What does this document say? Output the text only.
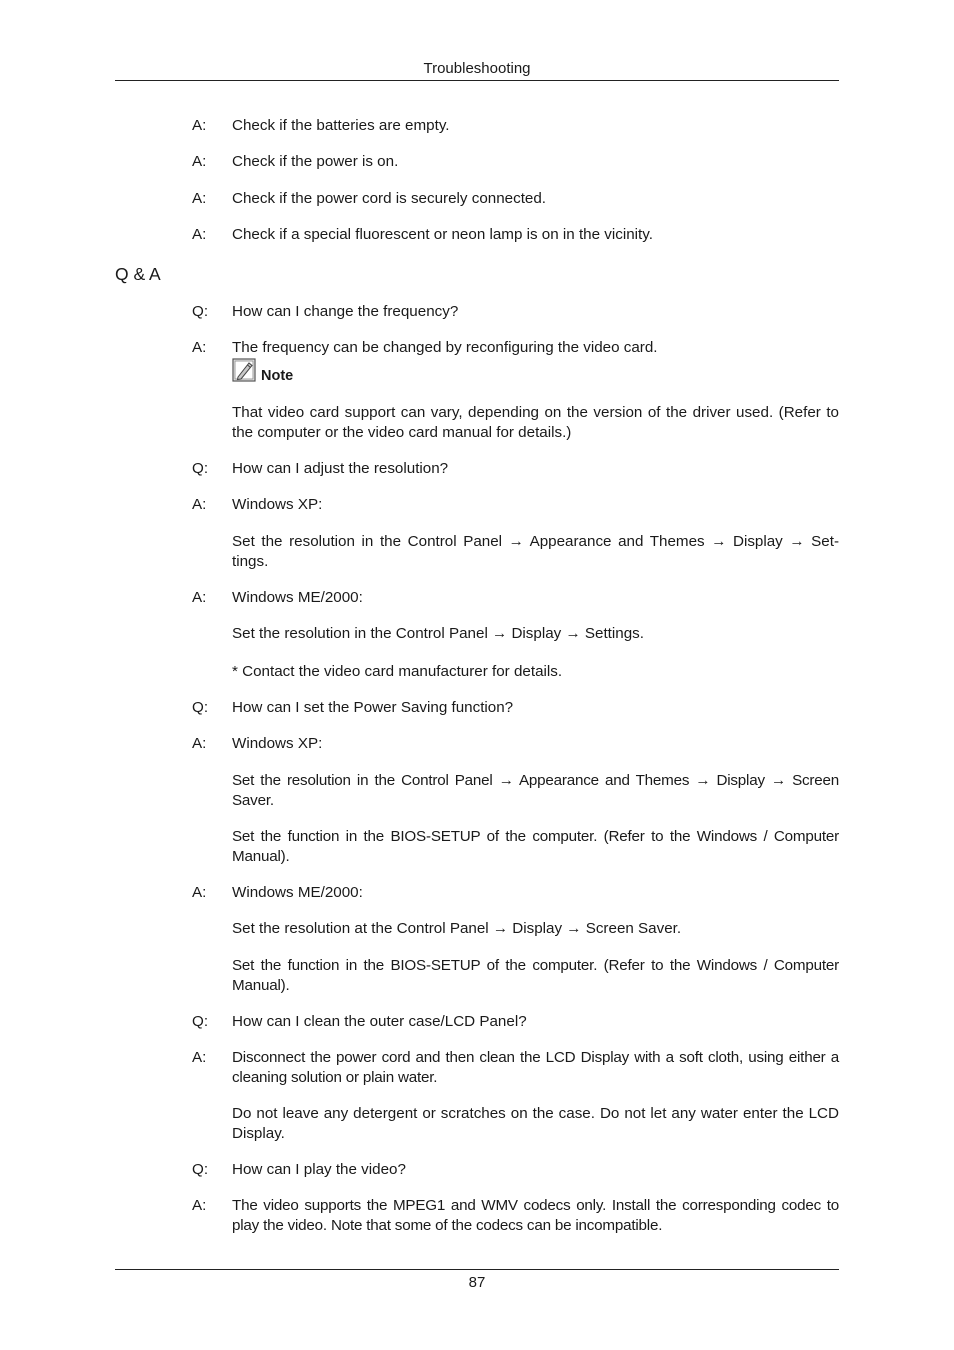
Troubleshooting
A: Check if the batteries are empty.
A: Check if the power is on.
A: Check if the power cord is securely connected.
A: Check if a special fluorescent or neon lamp is on in the vicinity.
Q & A
Q: How can I change the frequency?
A: The frequency can be changed by reconfiguring the video card.
Note
That video card support can vary, depending on the version of the driver used. (Refer to the computer or the video card manual for details.)
Q: How can I adjust the resolution?
A: Windows XP:
Set the resolution in the Control Panel → Appearance and Themes → Display → Set-tings.
A: Windows ME/2000:
Set the resolution in the Control Panel → Display → Settings.
* Contact the video card manufacturer for details.
Q: How can I set the Power Saving function?
A: Windows XP:
Set the resolution in the Control Panel → Appearance and Themes → Display → Screen Saver.
Set the function in the BIOS-SETUP of the computer. (Refer to the Windows / Computer Manual).
A: Windows ME/2000:
Set the resolution at the Control Panel → Display → Screen Saver.
Set the function in the BIOS-SETUP of the computer. (Refer to the Windows / Computer Manual).
Q: How can I clean the outer case/LCD Panel?
A: Disconnect the power cord and then clean the LCD Display with a soft cloth, using either a cleaning solution or plain water.
Do not leave any detergent or scratches on the case. Do not let any water enter the LCD Display.
Q: How can I play the video?
A: The video supports the MPEG1 and WMV codecs only. Install the corresponding codec to play the video. Note that some of the codecs can be incompatible.
87
